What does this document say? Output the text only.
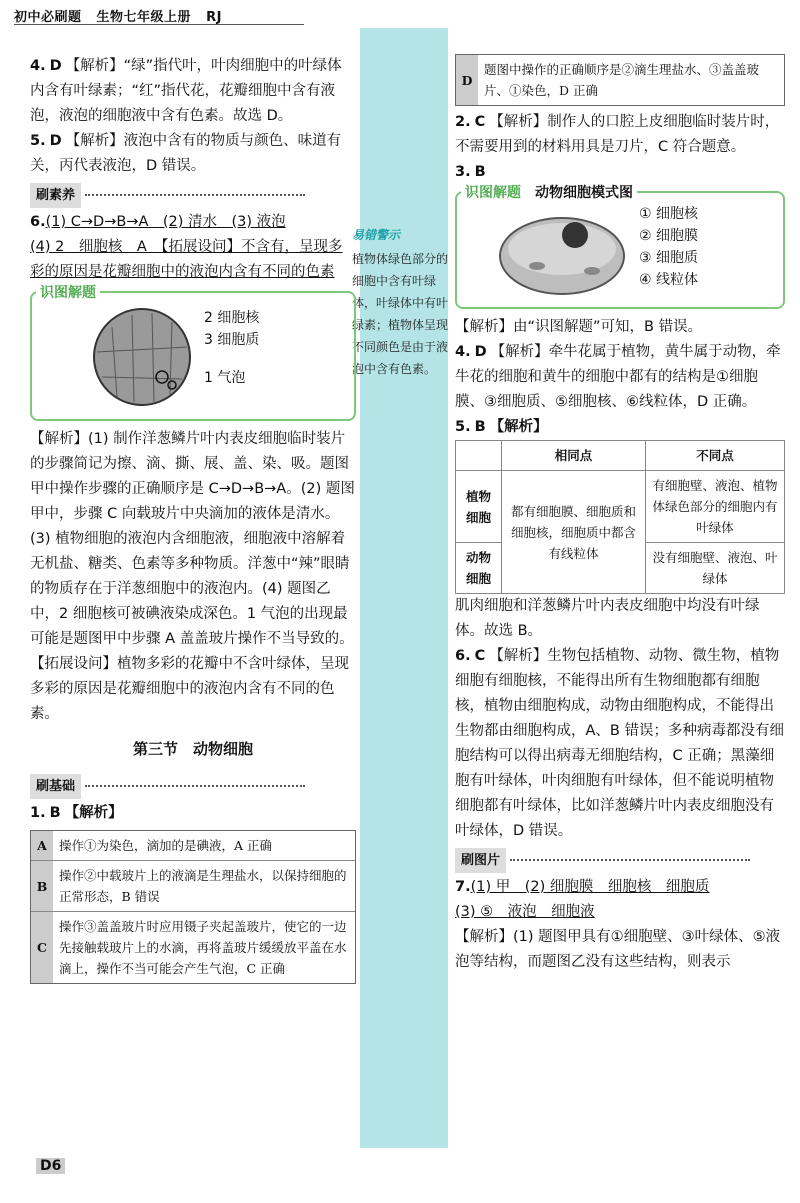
初中必刷题 生物七年级上册 RJ
易错警示
植物体绿色部分的细胞中含有叶绿体，叶绿体中有叶绿素；植物体呈现不同颜色是由于液泡中含有色素。
4. D 【解析】“绿”指代叶，叶肉细胞中的叶绿体内含有叶绿素；“红”指代花，花瓣细胞中含有液泡，液泡的细胞液中含有色素。故选 D。
5. D 【解析】液泡中含有的物质与颜色、味道有关，丙代表液泡，D 错误。
刷素养
6.(1) C→D→B→A　(2) 清水　(3) 液泡
(4) 2　细胞核　A　【拓展设问】不含有，呈现多彩的原因是花瓣细胞中的液泡内含有不同的色素
识图解题
2 细胞核
3 细胞质
1 气泡
【解析】(1) 制作洋葱鳞片叶内表皮细胞临时装片的步骤简记为擦、滴、撕、展、盖、染、吸。题图甲中操作步骤的正确顺序是 C→D→B→A。(2) 题图甲中，步骤 C 向载玻片中央滴加的液体是清水。(3) 植物细胞的液泡内含细胞液，细胞液中溶解着无机盐、糖类、色素等多种物质。洋葱中“辣”眼睛的物质存在于洋葱细胞中的液泡内。(4) 题图乙中，2 细胞核可被碘液染成深色。1 气泡的出现最可能是题图甲中步骤 A 盖盖玻片操作不当导致的。
【拓展设问】植物多彩的花瓣中不含叶绿体，呈现多彩的原因是花瓣细胞中的液泡内含有不同的色素。
第三节　动物细胞
刷基础
1. B 【解析】
A 操作①为染色，滴加的是碘液，A 正确
B
操作②中载玻片上的液滴是生理盐水，以保持细胞的正常形态，B 错误
C
操作③盖盖玻片时应用镊子夹起盖玻片，使它的一边先接触载玻片上的水滴，再将盖玻片缓缓放平盖在水滴上，操作不当可能会产生气泡，C 正确
D
题图中操作的正确顺序是②滴生理盐水、③盖盖玻片、①染色，D 正确
2. C 【解析】制作人的口腔上皮细胞临时装片时，不需要用到的材料用具是刀片，C 符合题意。
3. B
识图解题　 动物细胞模式图
① 细胞核
② 细胞膜
③ 细胞质
④ 线粒体
【解析】由“识图解题”可知，B 错误。
4. D 【解析】牵牛花属于植物，黄牛属于动物，牵牛花的细胞和黄牛的细胞中都有的结构是①细胞膜、③细胞质、⑤细胞核、⑥线粒体，D 正确。
5. B 【解析】
	相同点	不同点
植物细胞	都有细胞膜、细胞质和细胞核，细胞质中都含有线粒体	有细胞壁、液泡、植物体绿色部分的细胞内有叶绿体
动物细胞		没有细胞壁、液泡、叶绿体
肌肉细胞和洋葱鳞片叶内表皮细胞中均没有叶绿体。故选 B。
6. C 【解析】生物包括植物、动物、微生物，植物细胞有细胞核，不能得出所有生物细胞都有细胞核，植物由细胞构成，动物由细胞构成，不能得出生物都由细胞构成，A、B 错误；多种病毒都没有细胞结构可以得出病毒无细胞结构，C 正确；黑藻细胞有叶绿体，叶肉细胞有叶绿体，但不能说明植物细胞都有叶绿体，比如洋葱鳞片叶内表皮细胞没有叶绿体，D 错误。
刷图片
7.(1) 甲　(2) 细胞膜　细胞核　细胞质
(3) ⑤　液泡　细胞液
【解析】(1) 题图甲具有①细胞壁、③叶绿体、⑤液泡等结构，而题图乙没有这些结构，则表示
D6
